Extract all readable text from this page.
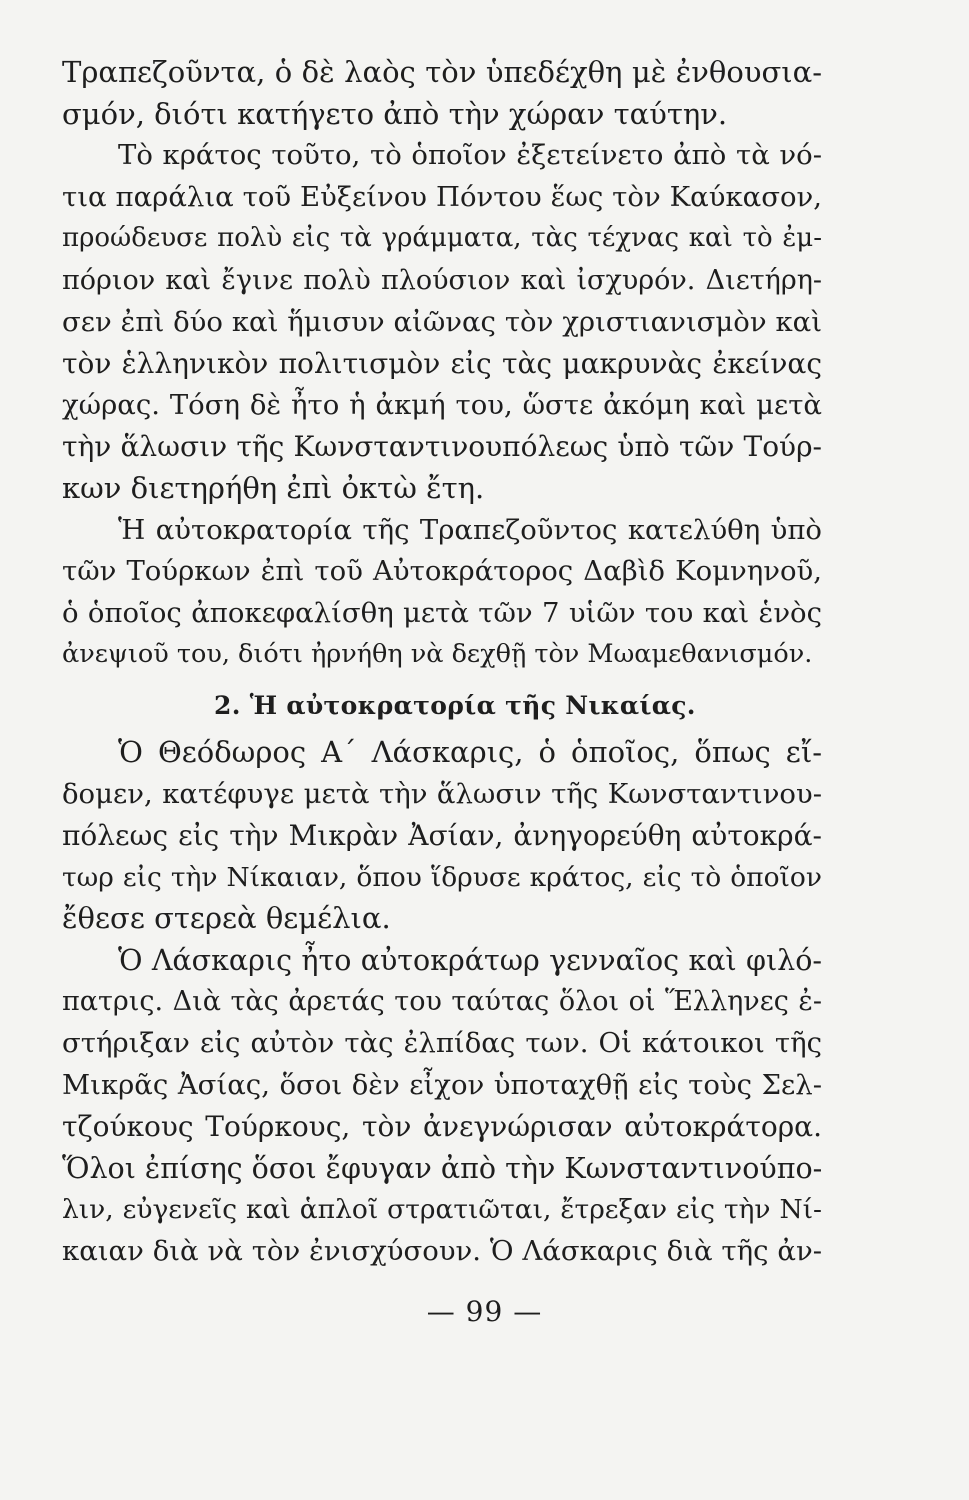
Τραπεζοῦντα, ὁ δὲ λαὸς τὸν ὑπεδέχθη μὲ ἐνθουσια-
σμόν, διότι κατήγετο ἀπὸ τὴν χώραν ταύτην.
Τὸ κράτος τοῦτο, τὸ ὁποῖον ἐξετείνετο ἀπὸ τὰ νό-
τια παράλια τοῦ Εὐξείνου Πόντου ἕως τὸν Καύκασον,
προώδευσε πολὺ εἰς τὰ γράμματα, τὰς τέχνας καὶ τὸ ἐμ-
πόριον καὶ ἔγινε πολὺ πλούσιον καὶ ἰσχυρόν. Διετήρη-
σεν ἐπὶ δύο καὶ ἥμισυν αἰῶνας τὸν χριστιανισμὸν καὶ
τὸν ἑλληνικὸν πολιτισμὸν εἰς τὰς μακρυνὰς ἐκείνας
χώρας. Τόση δὲ ἦτο ἡ ἀκμή του, ὥστε ἀκόμη καὶ μετὰ
τὴν ἅλωσιν τῆς Κωνσταντινουπόλεως ὑπὸ τῶν Τούρ-
κων διετηρήθη ἐπὶ ὀκτὼ ἔτη.
Ἡ αὐτοκρατορία τῆς Τραπεζοῦντος κατελύθη ὑπὸ
τῶν Τούρκων ἐπὶ τοῦ Αὐτοκράτορος Δαβὶδ Κομνηνοῦ,
ὁ ὁποῖος ἀποκεφαλίσθη μετὰ τῶν 7 υἱῶν του καὶ ἑνὸς
ἀνεψιοῦ του, διότι ἠρνήθη νὰ δεχθῇ τὸν Μωαμεθανισμόν.
2. Ἡ αὐτοκρατορία τῆς Νικαίας.
Ὁ Θεόδωρος Α΄ Λάσκαρις, ὁ ὁποῖος, ὅπως εἴ-
δομεν, κατέφυγε μετὰ τὴν ἅλωσιν τῆς Κωνσταντινου-
πόλεως εἰς τὴν Μικρὰν Ἀσίαν, ἀνηγορεύθη αὐτοκρά-
τωρ εἰς τὴν Νίκαιαν, ὅπου ἵδρυσε κράτος, εἰς τὸ ὁποῖον
ἔθεσε στερεὰ θεμέλια.
Ὁ Λάσκαρις ἦτο αὐτοκράτωρ γενναῖος καὶ φιλό-
πατρις. Διὰ τὰς ἀρετάς του ταύτας ὅλοι οἱ Ἕλληνες ἐ-
στήριξαν εἰς αὐτὸν τὰς ἐλπίδας των. Οἱ κάτοικοι τῆς
Μικρᾶς Ἀσίας, ὅσοι δὲν εἶχον ὑποταχθῇ εἰς τοὺς Σελ-
τζούκους Τούρκους, τὸν ἀνεγνώρισαν αὐτοκράτορα.
Ὅλοι ἐπίσης ὅσοι ἔφυγαν ἀπὸ τὴν Κωνσταντινούπο-
λιν, εὐγενεῖς καὶ ἁπλοῖ στρατιῶται, ἔτρεξαν εἰς τὴν Νί-
καιαν διὰ νὰ τὸν ἐνισχύσουν. Ὁ Λάσκαρις διὰ τῆς ἀν-
— 99 —
